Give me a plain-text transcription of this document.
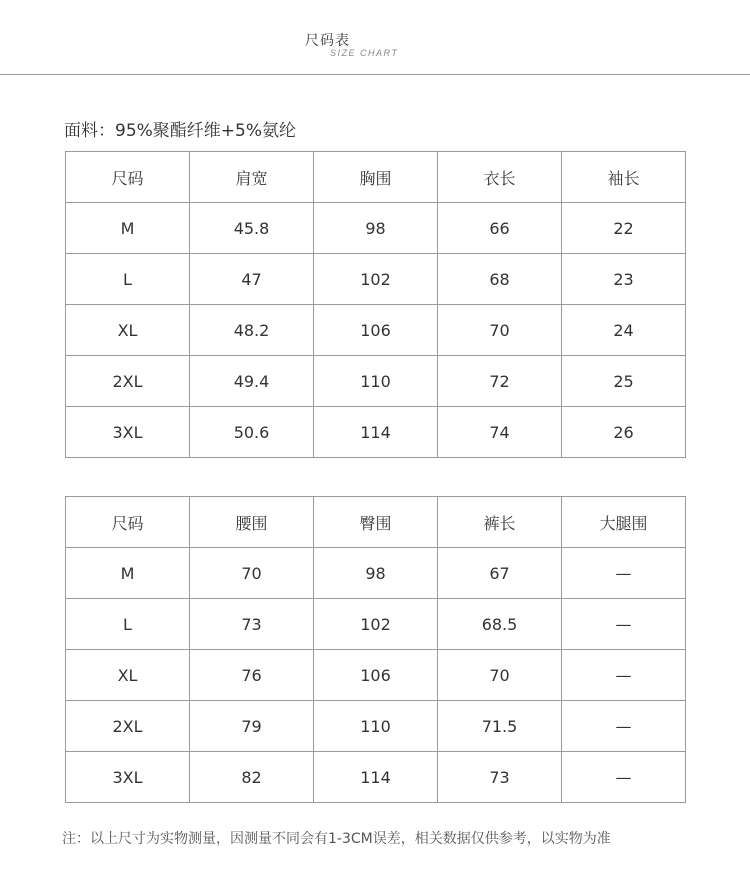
尺码表
SIZE CHART
面料：95%聚酯纤维+5%氨纶
尺码	肩宽	胸围	衣长	袖长
M	45.8	98	66	22
L	47	102	68	23
XL	48.2	106	70	24
2XL	49.4	110	72	25
3XL	50.6	114	74	26
尺码	腰围	臀围	裤长	大腿围
M	70	98	67	—
L	73	102	68.5	—
XL	76	106	70	—
2XL	79	110	71.5	—
3XL	82	114	73	—
注：以上尺寸为实物测量，因测量不同会有1-3CM误差，相关数据仅供参考，以实物为准
